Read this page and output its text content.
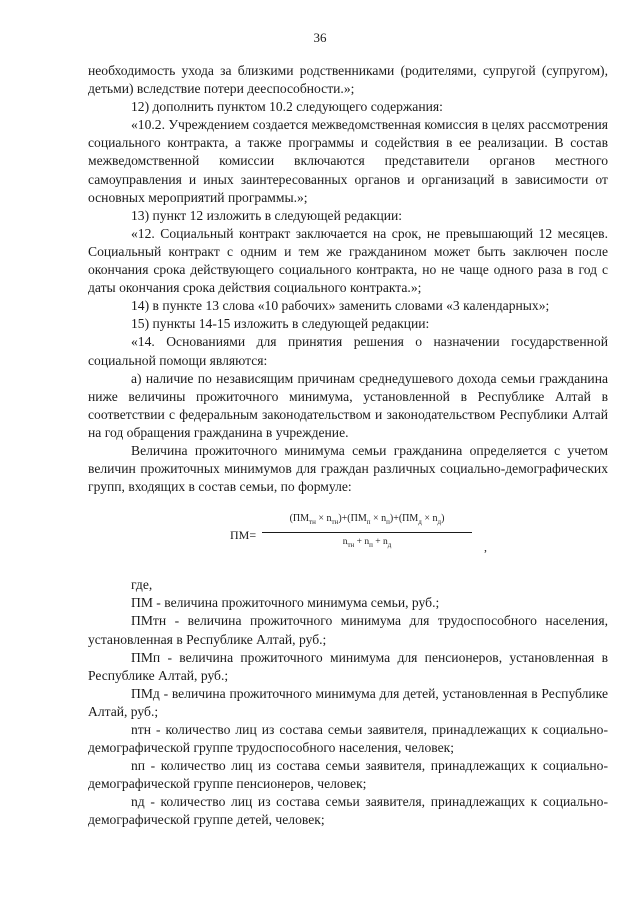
36

необходимость ухода за близкими родственниками (родителями, супругой (супругом), детьми) вследствие потери дееспособности.»;

12) дополнить пунктом 10.2 следующего содержания:

«10.2. Учреждением создается межведомственная комиссия в целях рассмотрения социального контракта, а также программы и содействия в ее реализации. В состав межведомственной комиссии включаются представители органов местного самоуправления и иных заинтересованных органов и организаций в зависимости от основных мероприятий программы.»;

13) пункт 12 изложить в следующей редакции:

«12. Социальный контракт заключается на срок, не превышающий 12 месяцев. Социальный контракт с одним и тем же гражданином может быть заключен после окончания срока действующего социального контракта, но не чаще одного раза в год с даты окончания срока действия социального контракта.»;

14) в пункте 13 слова «10 рабочих» заменить словами «3 календарных»;

15) пункты 14-15 изложить в следующей редакции:

«14. Основаниями для принятия решения о назначении государственной социальной помощи являются:

а) наличие по независящим причинам среднедушевого дохода семьи гражданина ниже величины прожиточного минимума, установленной в Республике Алтай в соответствии с федеральным законодательством и законодательством Республики Алтай на год обращения гражданина в учреждение.

Величина прожиточного минимума семьи гражданина определяется с учетом величин прожиточных минимумов для граждан различных социально-демографических групп, входящих в состав семьи, по формуле:

ПМ=
$(ПМ_{тн} \times n_{тн})+(ПМ_п \times n_п)+(ПМ_д \times n_д)$
$n_{тн} + n_п + n_д$	,

где,

ПМ - величина прожиточного минимума семьи, руб.;

ПМтн - величина прожиточного минимума для трудоспособного населения, установленная в Республике Алтай, руб.;

ПМп - величина прожиточного минимума для пенсионеров, установленная в Республике Алтай, руб.;

ПМд - величина прожиточного минимума для детей, установленная в Республике Алтай, руб.;

nтн - количество лиц из состава семьи заявителя, принадлежащих к социально-демографической группе трудоспособного населения, человек;

nп - количество лиц из состава семьи заявителя, принадлежащих к социально-демографической группе пенсионеров, человек;

nд - количество лиц из состава семьи заявителя, принадлежащих к социально-демографической группе детей, человек;
